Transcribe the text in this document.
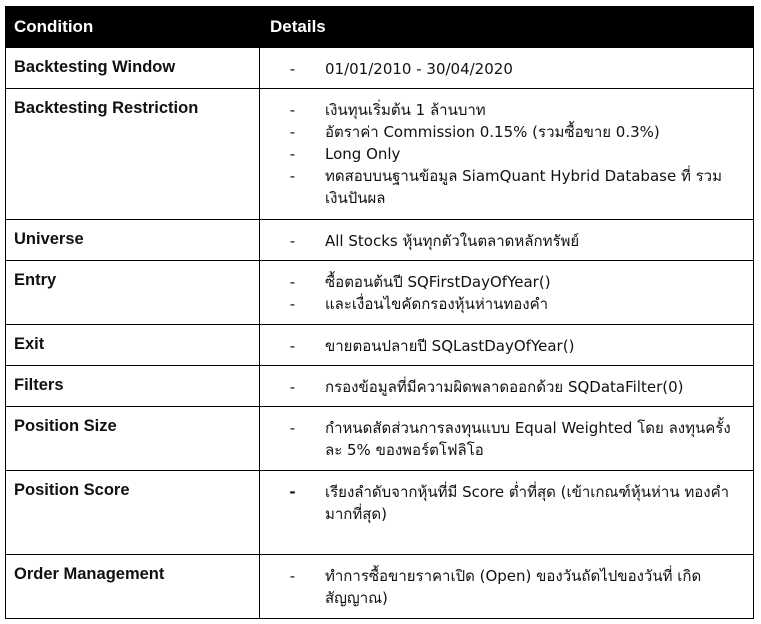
Condition	Details
Backtesting Window	-	01/01/2010 - 30/04/2020
Backtesting Restriction	-	เงินทุนเริ่มต้น 1 ล้านบาท
-	อัตราค่า Commission 0.15% (รวมซื้อขาย 0.3%)
-	Long Only
-	ทดสอบบนฐานข้อมูล SiamQuant Hybrid Database ที่ รวมเงินปันผล
Universe	-	All Stocks หุ้นทุกตัวในตลาดหลักทรัพย์
Entry	-	ซื้อตอนต้นปี SQFirstDayOfYear()
-	และเงื่อนไขคัดกรองหุ้นห่านทองคำ
Exit	-	ขายตอนปลายปี SQLastDayOfYear()
Filters	-	กรองข้อมูลที่มีความผิดพลาดออกด้วย SQDataFilter(0)
Position Size	-	กำหนดสัดส่วนการลงทุนแบบ Equal Weighted โดย ลงทุนครั้งละ 5% ของพอร์ตโฟลิโอ
Position Score	-	เรียงลำดับจากหุ้นที่มี Score ต่ำที่สุด (เข้าเกณฑ์หุ้นห่าน ทองคำมากที่สุด)
Order Management	-	ทำการซื้อขายราคาเปิด (Open) ของวันถัดไปของวันที่ เกิดสัญญาณ)
